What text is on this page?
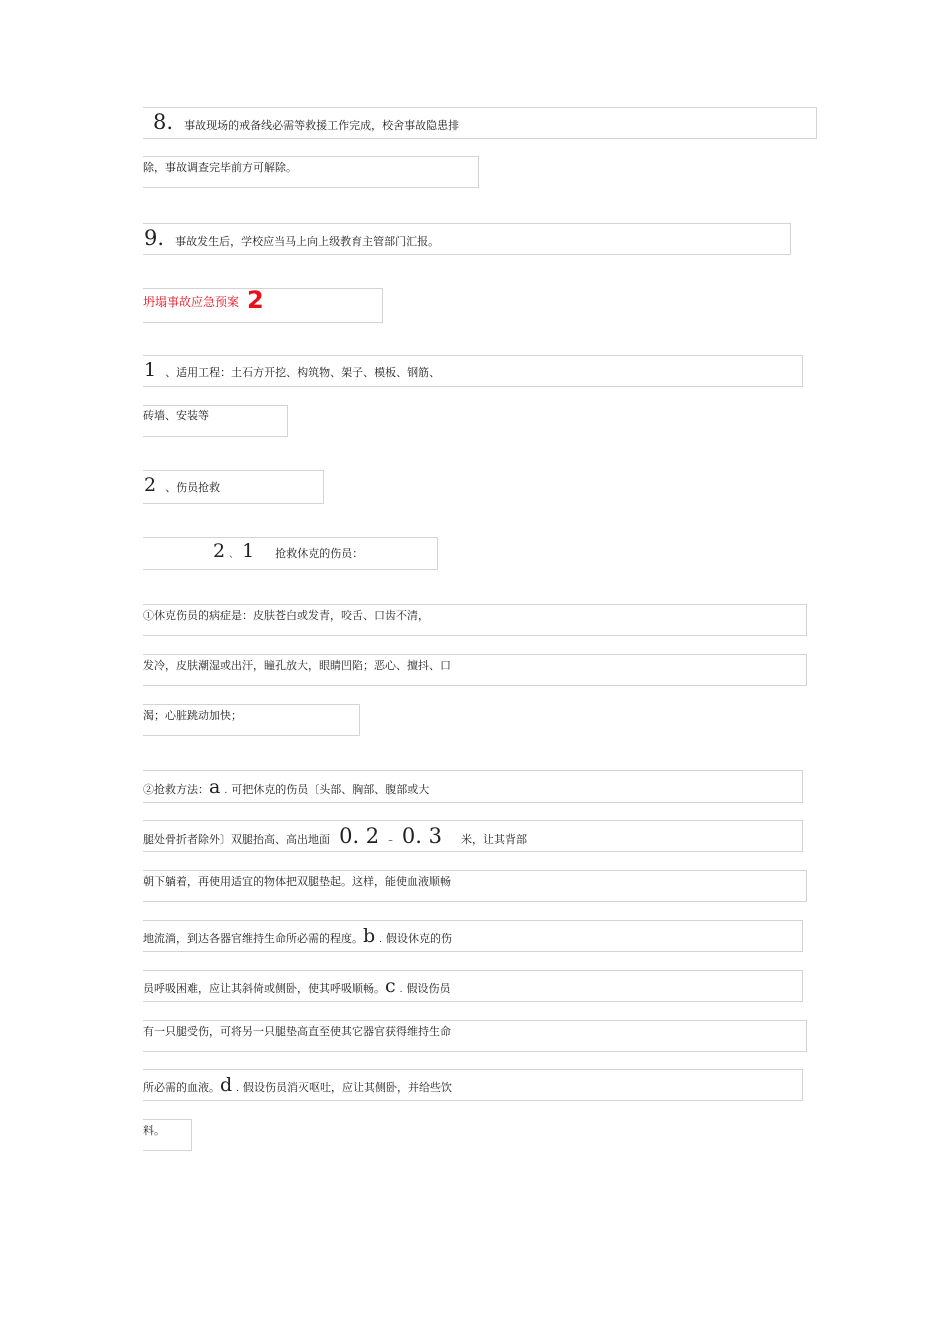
8. 事故现场的戒备线必需等救援工作完成，校舍事故隐患排
除，事故调查完毕前方可解除。
9. 事故发生后，学校应当马上向上级教育主管部门汇报。
坍塌事故应急预案 2
1 、适用工程：土石方开挖、构筑物、架子、模板、钢筋、
砖墙、安装等
2 、伤员抢救
2 、 1 抢救休克的伤员：
①休克伤员的病症是：皮肤苍白或发青，咬舌、口齿不清，
发冷，皮肤潮湿或出汗，瞳孔放大，眼睛凹陷；恶心、擅抖、口
渴；心脏跳动加快；
②抢救方法：a . 可把休克的伤员〔头部、胸部、腹部或大
腿处骨折者除外〕双腿抬高、高出地面 0. 2 – 0. 3 米，让其背部
朝下躺着，再使用适宜的物体把双腿垫起。这样，能使血液顺畅
地流淌，到达各器官维持生命所必需的程度。b . 假设休克的伤
员呼吸困难，应让其斜倚或侧卧，使其呼吸顺畅。c . 假设伤员
有一只腿受伤，可将另一只腿垫高直至使其它器官获得维持生命
所必需的血液。d . 假设伤员消灭呕吐，应让其侧卧，并给些饮
料。
